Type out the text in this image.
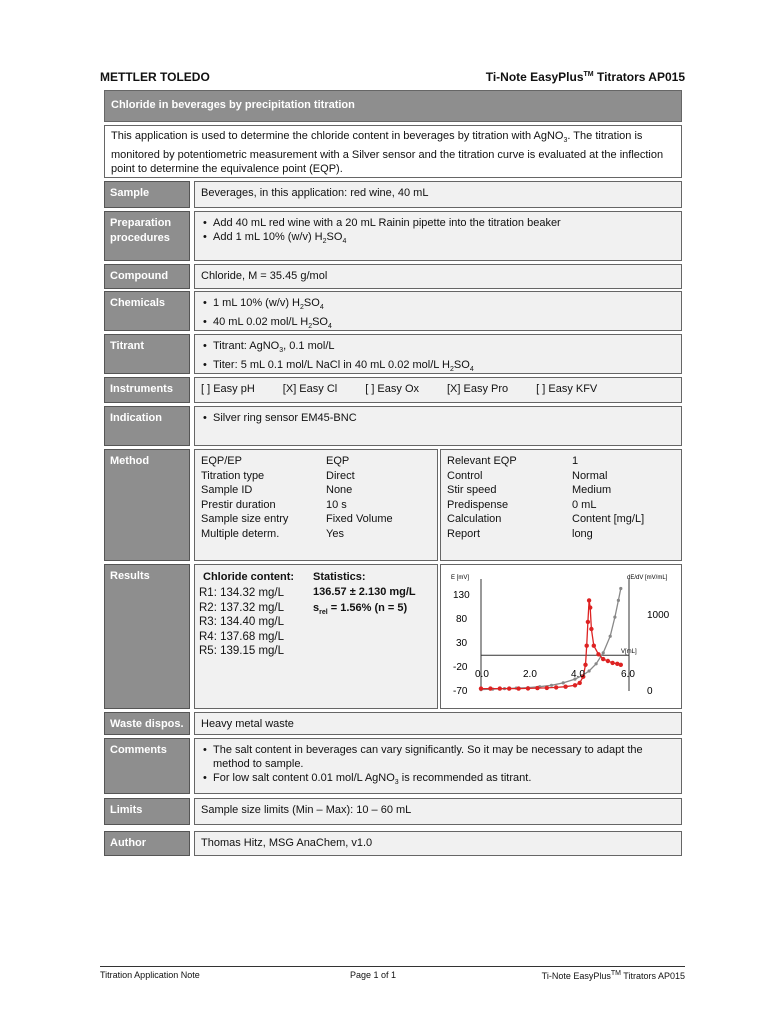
METTLER TOLEDO	Ti-Note EasyPlus™ Titrators AP015
Chloride in beverages by precipitation titration
This application is used to determine the chloride content in beverages by titration with AgNO$_3$. The titration is monitored by potentiometric measurement with a Silver sensor and the titration curve is evaluated at the inflection point to determine the equivalence point (EQP).
Sample	Beverages, in this application: red wine, 40 mL
Preparation
procedures
• Add 40 mL red wine with a 20 mL Rainin pipette into the titration beaker
• Add 1 mL 10% (w/v) $H_2SO_4$
Compound	Chloride, M = 35.45 g/mol
Chemicals	• 1 mL 10% (w/v) $H_2SO_4$
• 40 mL 0.02 mol/L $H_2SO_4$
Titrant	• Titrant: AgNO$_3$, 0.1 mol/L
• Titer: 5 mL 0.1 mol/L NaCl in 40 mL 0.02 mol/L $H_2SO_4$
Instruments	[ ] Easy pH	[X] Easy Cl	[ ] Easy Ox	[X] Easy Pro	[ ] Easy KFV
Indication	• Silver ring sensor EM45-BNC
Method	EQP/EP	EQP
Titration type	Direct
Sample ID	None
Prestir duration	10 s
Sample size entry	Fixed Volume
Multiple determ.	Yes
Relevant EQP	1
Control	Normal
Stir speed	Medium
Predispense	0 mL
Calculation	Content [mg/L]
Report	long
Results	Chloride content: Statistics:
136.57 ± 2.130 mg/L
$s_{rel} = 1.56\%$ (n = 5)
R1: 134.32 mg/L
R2: 137.32 mg/L
R3: 134.40 mg/L
R4: 137.68 mg/L
R5: 139.15 mg/L
E [mV]	dE/dV [mV/mL]
V[mL]
130
80
30
-20
-70
1000
0
0.0	2.0	4.0	6.0
Waste dispos.	Heavy metal waste
Comments	• The salt content in beverages can vary significantly. So it may be necessary to adapt the method to sample.
• For low salt content 0.01 mol/L AgNO$_3$ is recommended as titrant.
Limits	Sample size limits (Min – Max): 10 – 60 mL
Author	Thomas Hitz, MSG AnaChem, v1.0
Titration Application Note	Page 1 of 1	Ti-Note EasyPlus™ Titrators AP015
